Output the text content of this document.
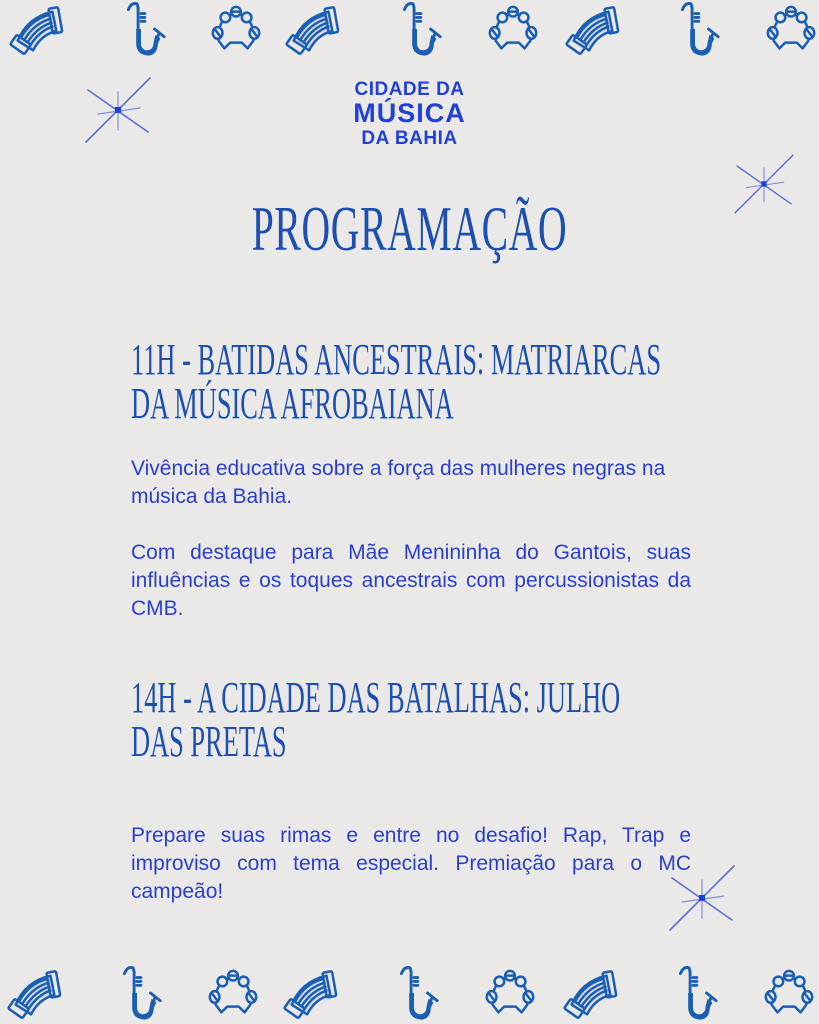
CIDADE DA
MÚSICA
DA BAHIA
PROGRAMAÇÃO
11H - BATIDAS ANCESTRAIS: MATRIARCAS
DA MÚSICA AFROBAIANA

Vivência educativa sobre a força das mulheres negras na música da Bahia.

Com destaque para Mãe Menininha do Gantois, suas influências e os toques ancestrais com percussionistas da CMB.

14H - A CIDADE DAS BATALHAS: JULHO
DAS PRETAS

Prepare suas rimas e entre no desafio! Rap, Trap e improviso com tema especial. Premiação para o MC campeão!
